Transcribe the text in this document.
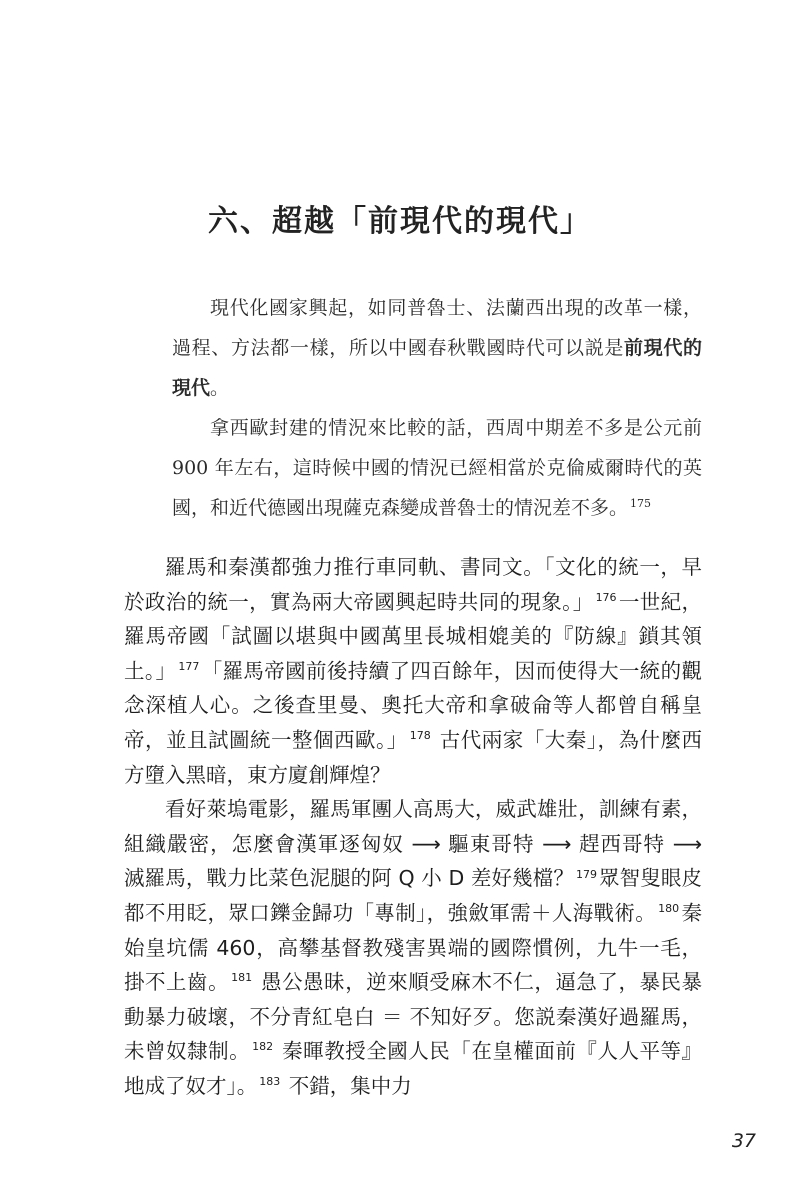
六、超越「前現代的現代」

現代化國家興起，如同普魯士、法蘭西出現的改革一樣，過程、方法都一樣，所以中國春秋戰國時代可以説是前現代的現代。

拿西歐封建的情況來比較的話，西周中期差不多是公元前 900 年左右，這時候中國的情況已經相當於克倫威爾時代的英國，和近代德國出現薩克森變成普魯士的情況差不多。 $^{175}$

羅馬和秦漢都強力推行車同軌、書同文。「文化的統一，早於政治的統一，實為兩大帝國興起時共同的現象。」 $^{176}$一世紀，羅馬帝國「試圖以堪與中國萬里長城相媲美的『防線』鎖其領土。」 $^{177}$「羅馬帝國前後持續了四百餘年，因而使得大一統的觀念深植人心。之後查里曼、奧托大帝和拿破侖等人都曾自稱皇帝，並且試圖統一整個西歐。」 $^{178}$ 古代兩家「大秦」，為什麼西方墮入黑暗，東方廈創輝煌？

看好萊塢電影，羅馬軍團人高馬大，威武雄壯，訓練有素，組織嚴密，怎麼會漢軍逐匈奴 ⟶ 驅東哥特 ⟶ 趕西哥特 ⟶ 滅羅馬，戰力比菜色泥腿的阿 Q 小 D 差好幾檔？ $^{179}$眾智叟眼皮都不用眨，眾口鑠金歸功「專制」，強斂軍需＋人海戰術。 $^{180}$秦始皇坑儒 460，高攀基督教殘害異端的國際慣例，九牛一毛，掛不上齒。 $^{181}$ 愚公愚昧，逆來順受麻木不仁，逼急了，暴民暴動暴力破壞，不分青紅皂白 ＝ 不知好歹。您説秦漢好過羅馬，未曾奴隸制。 $^{182}$ 秦暉教授全國人民「在皇權面前『人人平等』地成了奴才」。 $^{183}$ 不錯，集中力

37
